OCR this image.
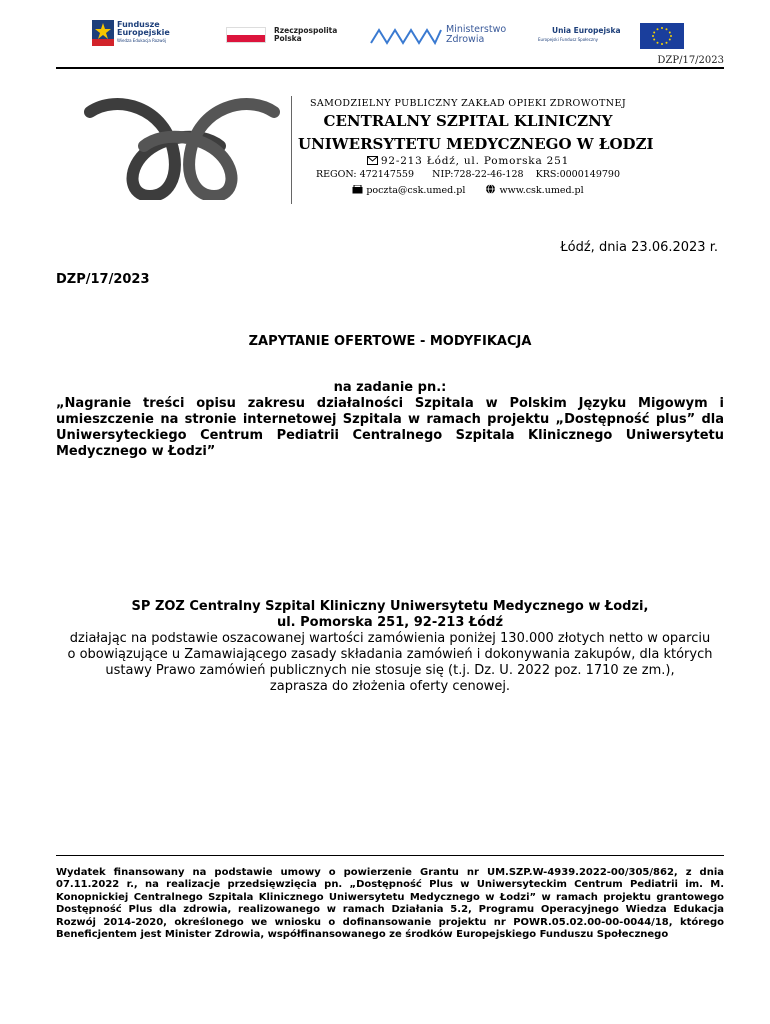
Fundusze Europejskie
Wiedza Edukacja Rozwój
Rzeczpospolita Polska
Ministerstwo Zdrowia
Unia Europejska
Europejski Fundusz Społeczny
DZP/17/2023
SAMODZIELNY PUBLICZNY ZAKŁAD OPIEKI ZDROWOTNEJ
CENTRALNY SZPITAL KLINICZNY
UNIWERSYTETU MEDYCZNEGO W ŁODZI
92-213 Łódź, ul. Pomorska 251
REGON: 472147559      NIP:728-22-46-128    KRS:0000149790
poczta@csk.umed.pl	www.csk.umed.pl
Łódź, dnia 23.06.2023 r.
DZP/17/2023
ZAPYTANIE OFERTOWE - MODYFIKACJA
na zadanie pn.:
„Nagranie treści opisu zakresu działalności Szpitala w Polskim Języku Migowym i umieszczenie na stronie internetowej Szpitala w ramach projektu „Dostępność plus” dla Uniwersyteckiego Centrum Pediatrii Centralnego Szpitala Klinicznego Uniwersytetu Medycznego w Łodzi”
SP ZOZ Centralny Szpital Kliniczny Uniwersytetu Medycznego w Łodzi,
ul. Pomorska 251, 92-213 Łódź
działając na podstawie oszacowanej wartości zamówienia poniżej 130.000 złotych netto w oparciu o obowiązujące u Zamawiającego zasady składania zamówień i dokonywania zakupów, dla których ustawy Prawo zamówień publicznych nie stosuje się (t.j. Dz. U. 2022 poz. 1710 ze zm.),
zaprasza do złożenia oferty cenowej.
Wydatek finansowany na podstawie umowy o powierzenie Grantu nr UM.SZP.W-4939.2022-00/305/862, z dnia 07.11.2022 r., na realizacje przedsięwzięcia pn. „Dostępność Plus w Uniwersyteckim Centrum Pediatrii im. M. Konopnickiej Centralnego Szpitala Klinicznego Uniwersytetu Medycznego w Łodzi” w ramach projektu grantowego Dostępność Plus dla zdrowia, realizowanego w ramach Działania 5.2, Programu Operacyjnego Wiedza Edukacja Rozwój 2014-2020, określonego we wniosku o dofinansowanie projektu nr POWR.05.02.00-00-0044/18, którego Beneficjentem jest Minister Zdrowia, współfinansowanego ze środków Europejskiego Funduszu Społecznego
